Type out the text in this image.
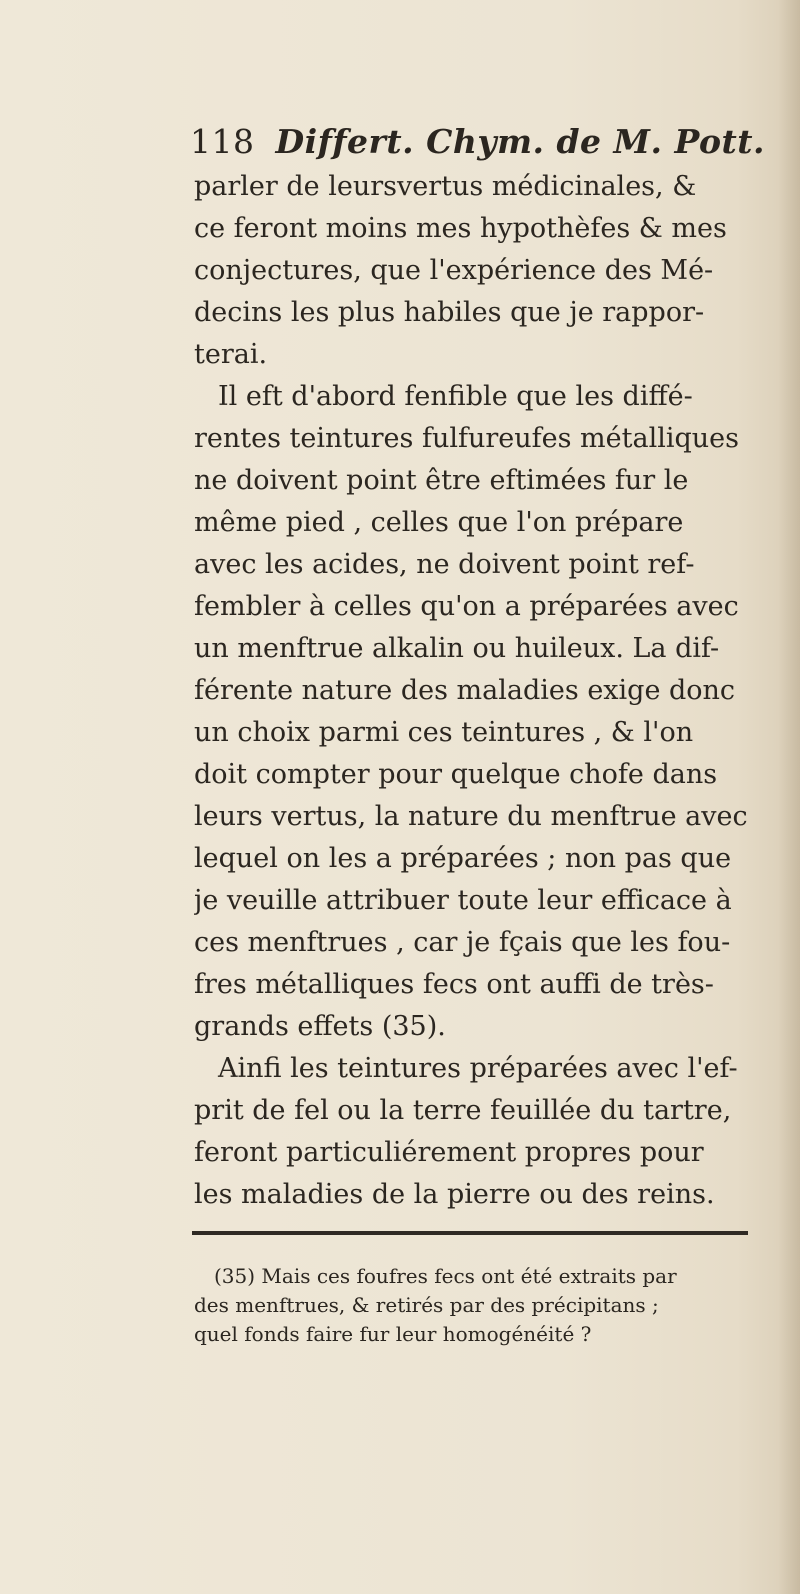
118 Differt. Chym. de M. Pott.
parler de leursvertus médicinales, &
ce feront moins mes hypothèfes & mes
conjectures, que l'expérience des Mé-
decins les plus habiles que je rappor-
terai.
Il eft d'abord fenfible que les diffé-
rentes teintures fulfureufes métalliques
ne doivent point être eftimées fur le
même pied , celles que l'on prépare
avec les acides, ne doivent point ref-
fembler à celles qu'on a préparées avec
un menftrue alkalin ou huileux. La dif-
férente nature des maladies exige donc
un choix parmi ces teintures , & l'on
doit compter pour quelque chofe dans
leurs vertus, la nature du menftrue avec
lequel on les a préparées ; non pas que
je veuille attribuer toute leur efficace à
ces menftrues , car je fçais que les fou-
fres métalliques fecs ont auffi de très-
grands effets (35).
Ainfi les teintures préparées avec l'ef-
prit de fel ou la terre feuillée du tartre,
feront particuliérement propres pour
les maladies de la pierre ou des reins.
(35) Mais ces foufres fecs ont été extraits par
des menftrues, & retirés par des précipitans ;
quel fonds faire fur leur homogénéité ?
